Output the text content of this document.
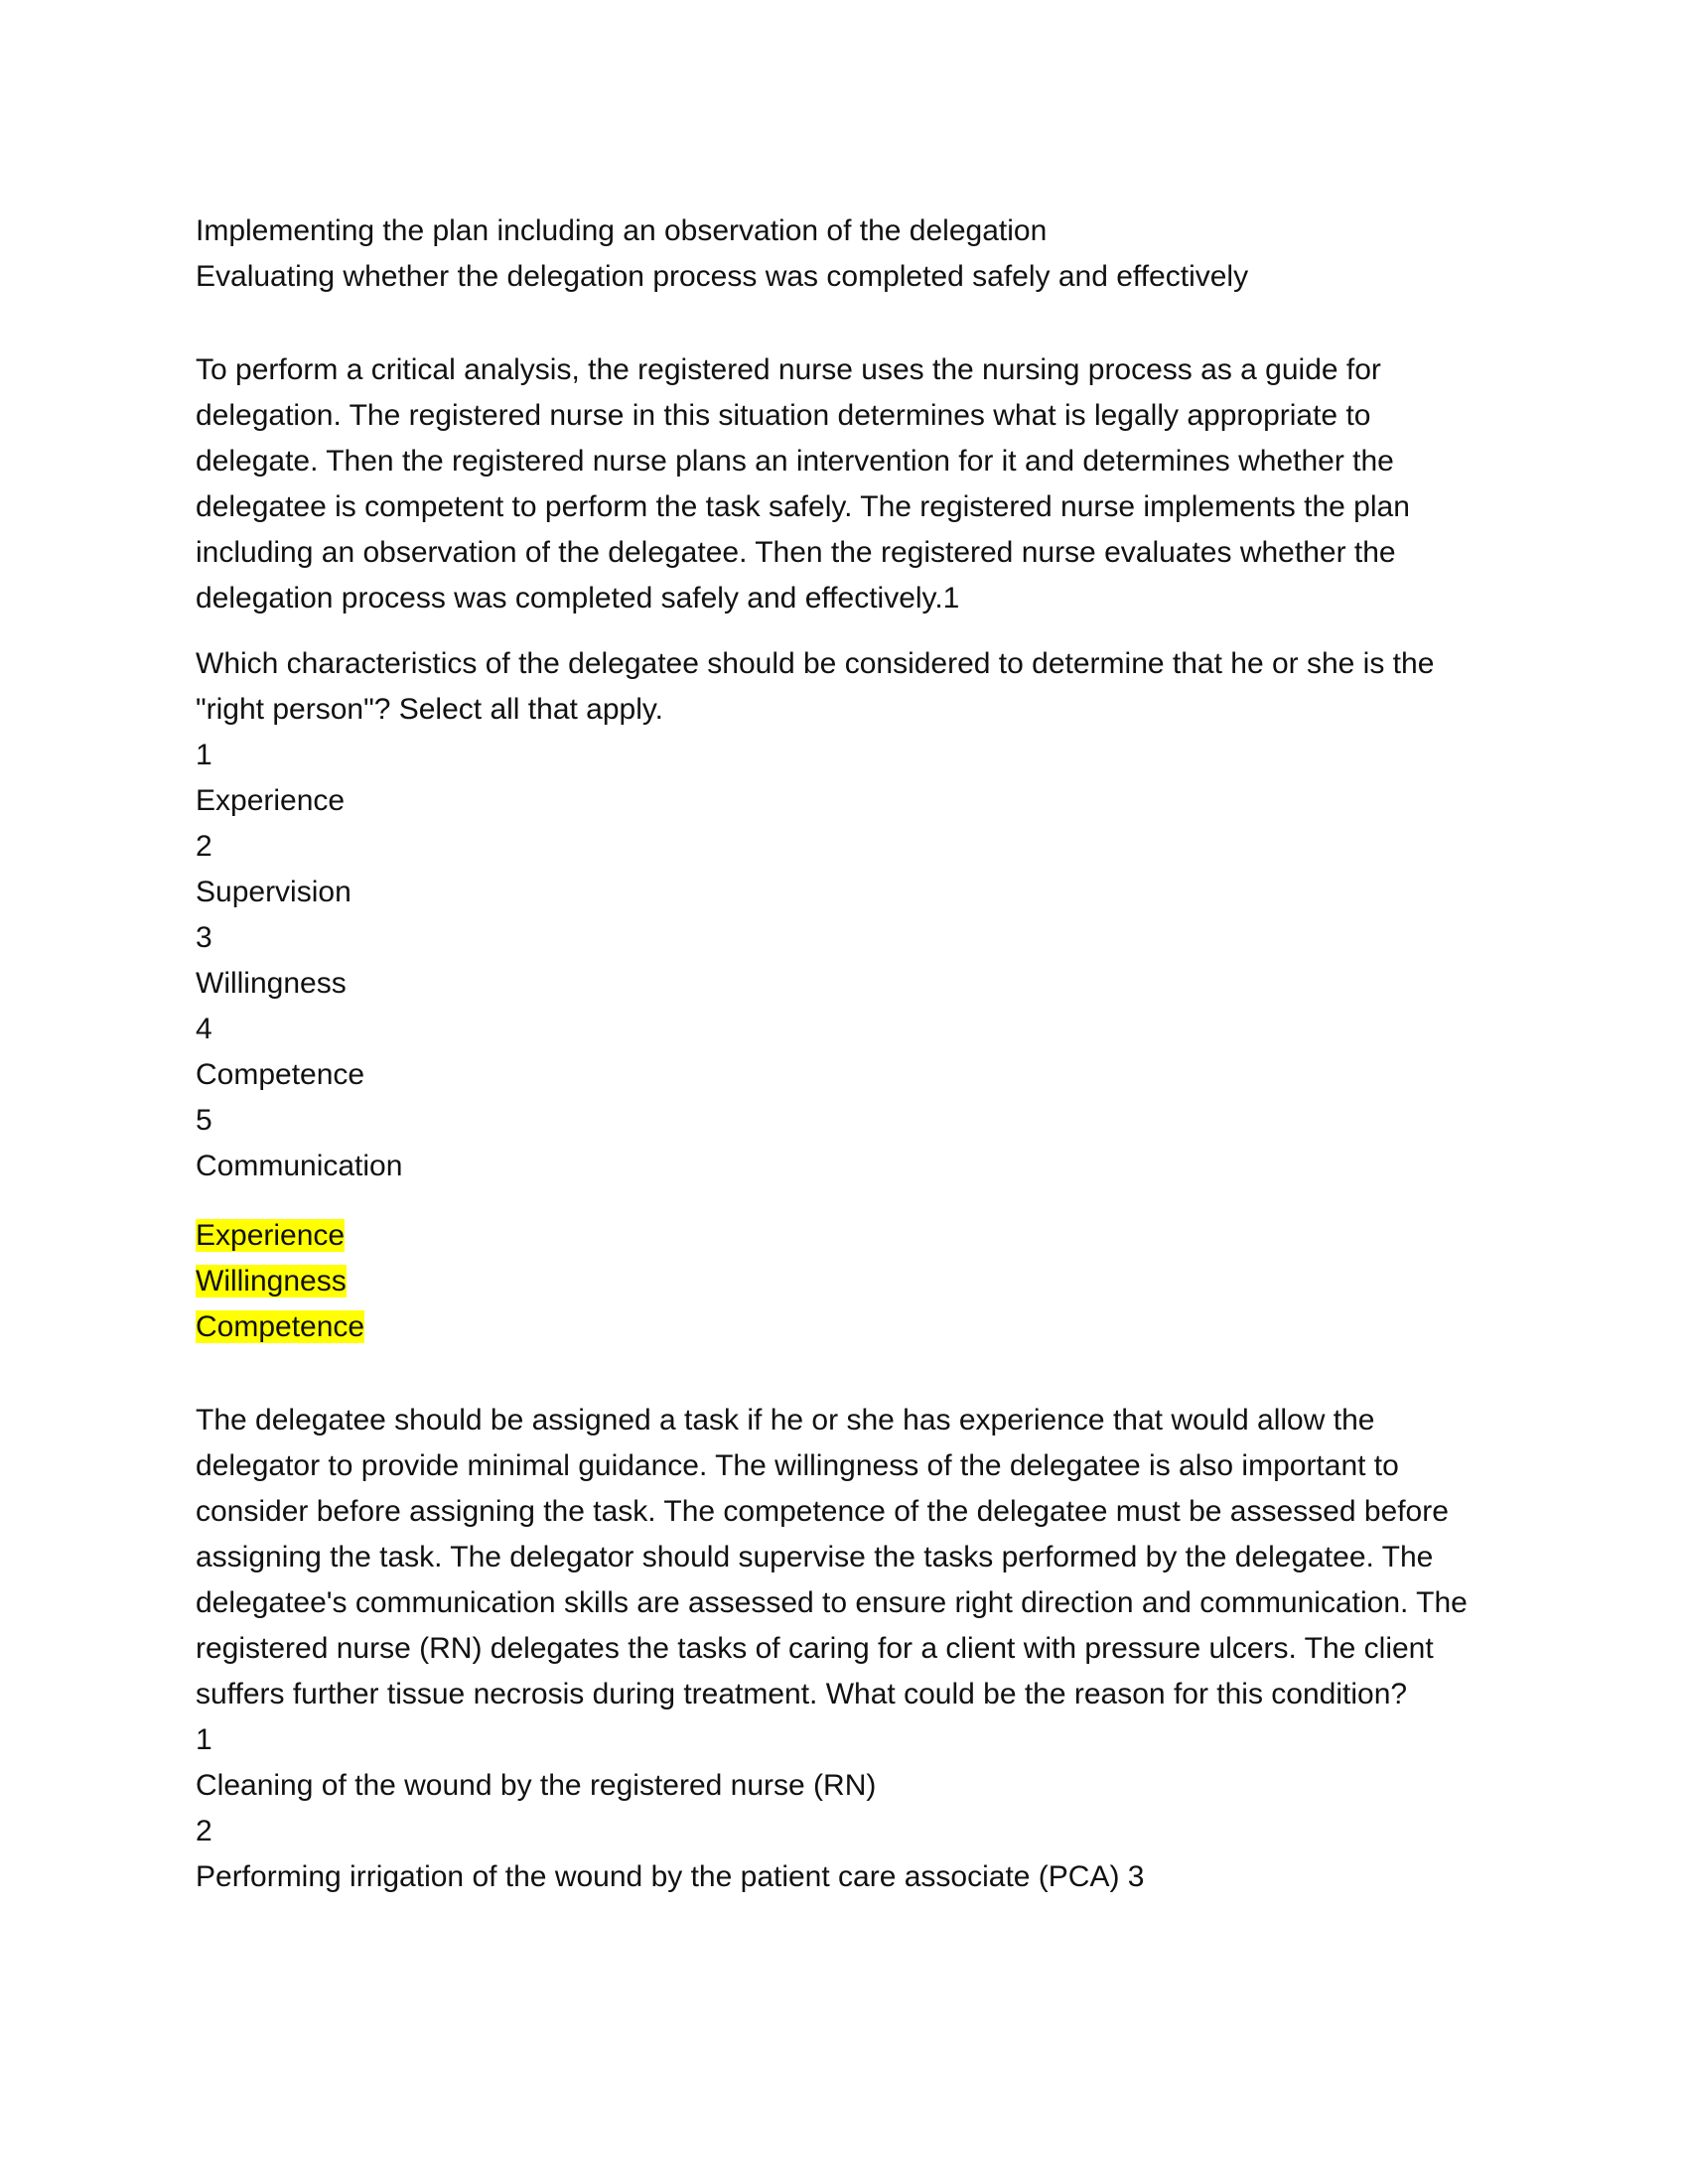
Implementing the plan including an observation of the delegation
Evaluating whether the delegation process was completed safely and effectively

To perform a critical analysis, the registered nurse uses the nursing process as a guide for delegation. The registered nurse in this situation determines what is legally appropriate to delegate. Then the registered nurse plans an intervention for it and determines whether the delegatee is competent to perform the task safely. The registered nurse implements the plan including an observation of the delegatee. Then the registered nurse evaluates whether the delegation process was completed safely and effectively.1

Which characteristics of the delegatee should be considered to determine that he or she is the "right person"? Select all that apply.

1
Experience
2
Supervision
3
Willingness
4
Competence
5
Communication
Experience
Willingness
Competence

The delegatee should be assigned a task if he or she has experience that would allow the delegator to provide minimal guidance. The willingness of the delegatee is also important to consider before assigning the task. The competence of the delegatee must be assessed before assigning the task. The delegator should supervise the tasks performed by the delegatee. The delegatee's communication skills are assessed to ensure right direction and communication. The registered nurse (RN) delegates the tasks of caring for a client with pressure ulcers. The client suffers further tissue necrosis during treatment. What could be the reason for this condition?

1
Cleaning of the wound by the registered nurse (RN)
2
Performing irrigation of the wound by the patient care associate (PCA) 3
